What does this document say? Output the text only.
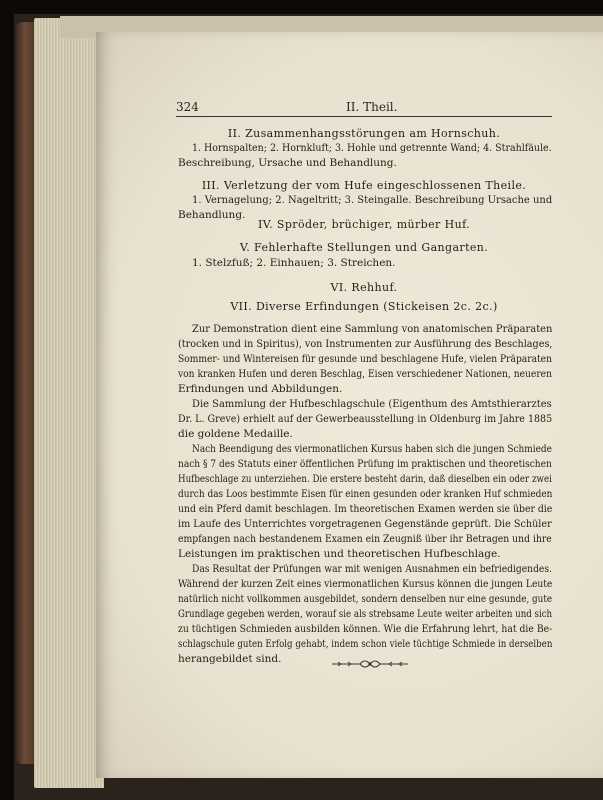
324	II. Theil.
II. Zusammenhangsstörungen am Hornschuh.
1. Hornspalten; 2. Hornkluft; 3. Hohle und getrennte Wand; 4. Strahlfäule.
Beschreibung, Ursache und Behandlung.
III. Verletzung der vom Hufe eingeschlossenen Theile.
1. Vernagelung; 2. Nageltritt; 3. Steingalle. Beschreibung Ursache und
Behandlung.
IV. Spröder, brüchiger, mürber Huf.
V. Fehlerhafte Stellungen und Gangarten.
1. Stelzfuß; 2. Einhauen; 3. Streichen.
VI. Rehhuf.
VII. Diverse Erfindungen (Stickeisen 2c. 2c.)
Zur Demonstration dient eine Sammlung von anatomischen Präparaten
(trocken und in Spiritus), von Instrumenten zur Ausführung des Beschlages,
Sommer- und Wintereisen für gesunde und beschlagene Hufe, vielen Präparaten
von kranken Hufen und deren Beschlag, Eisen verschiedener Nationen, neueren
Erfindungen und Abbildungen.
Die Sammlung der Hufbeschlagschule (Eigenthum des Amtsthierarztes
Dr. L. Greve) erhielt auf der Gewerbeausstellung in Oldenburg im Jahre 1885
die goldene Medaille.
Nach Beendigung des viermonatlichen Kursus haben sich die jungen Schmiede
nach § 7 des Statuts einer öffentlichen Prüfung im praktischen und theoretischen
Hufbeschlage zu unterziehen. Die erstere besteht darin, daß dieselben ein oder zwei
durch das Loos bestimmte Eisen für einen gesunden oder kranken Huf schmieden
und ein Pferd damit beschlagen. Im theoretischen Examen werden sie über die
im Laufe des Unterrichtes vorgetragenen Gegenstände geprüft. Die Schüler
empfangen nach bestandenem Examen ein Zeugniß über ihr Betragen und ihre
Leistungen im praktischen und theoretischen Hufbeschlage.
Das Resultat der Prüfungen war mit wenigen Ausnahmen ein befriedigendes.
Während der kurzen Zeit eines viermonatlichen Kursus können die jungen Leute
natürlich nicht vollkommen ausgebildet, sondern denselben nur eine gesunde, gute
Grundlage gegeben werden, worauf sie als strebsame Leute weiter arbeiten und sich
zu tüchtigen Schmieden ausbilden können. Wie die Erfahrung lehrt, hat die Be-
schlagschule guten Erfolg gehabt, indem schon viele tüchtige Schmiede in derselben
herangebildet sind.
